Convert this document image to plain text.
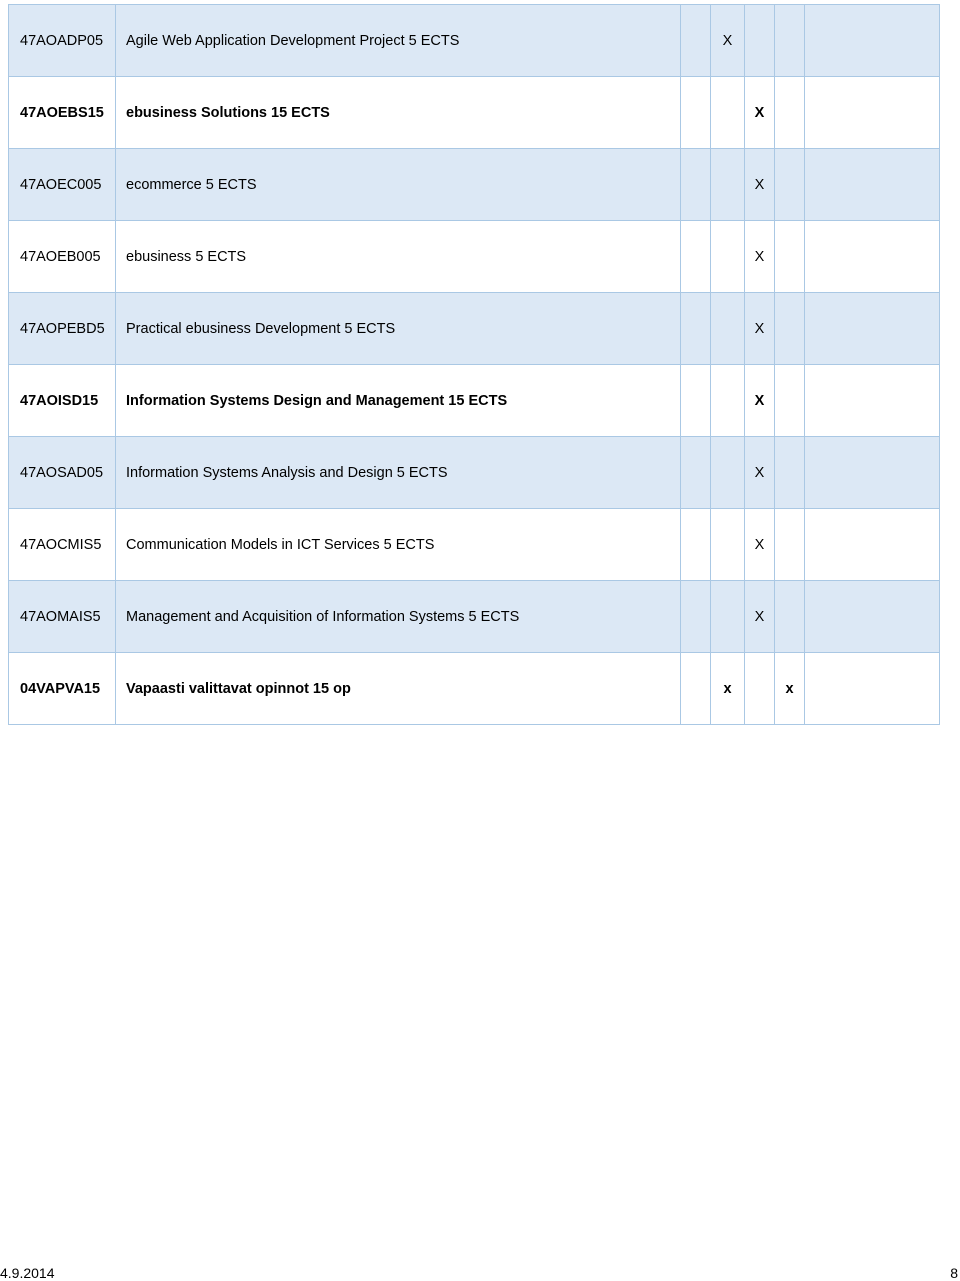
47AOADP05	Agile Web Application Development Project 5 ECTS		X				
47AOEBS15	ebusiness Solutions 15 ECTS			X			
47AOEC005	ecommerce 5 ECTS			X			
47AOEB005	ebusiness 5 ECTS			X			
47AOPEBD5	Practical ebusiness Development 5 ECTS			X			
47AOISD15	Information Systems Design and Management 15 ECTS			X			
47AOSAD05	Information Systems Analysis and Design 5 ECTS			X			
47AOCMIS5	Communication Models in ICT Services 5 ECTS			X			
47AOMAIS5	Management and Acquisition of Information Systems 5 ECTS			X			
04VAPVA15	Vapaasti valittavat opinnot 15 op		x		x		
4.9.2014	8
